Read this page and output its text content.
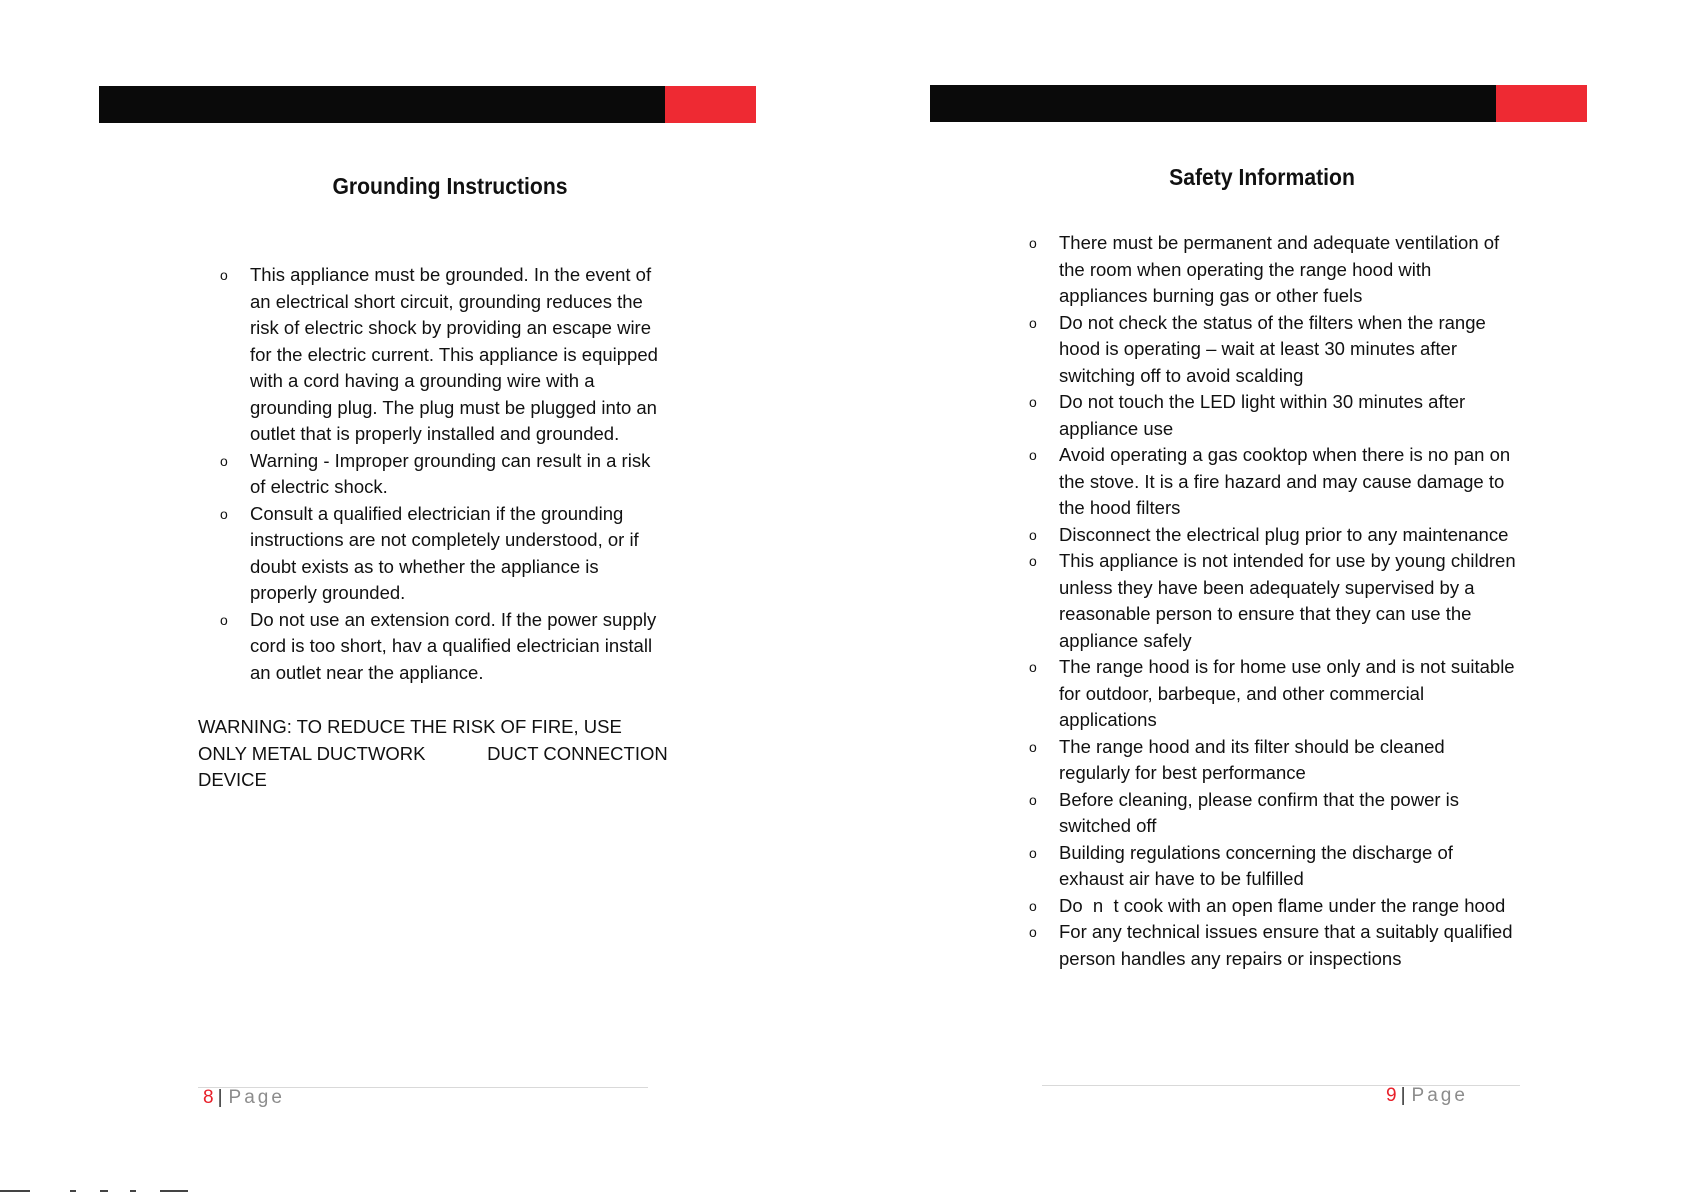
Grounding Instructions
o This appliance must be grounded. In the event of an electrical short circuit, grounding reduces the risk of electric shock by providing an escape wire for the electric current. This appliance is equipped with a cord having a grounding wire with a grounding plug. The plug must be plugged into an outlet that is properly installed and grounded.
o Warning - Improper grounding can result in a risk of electric shock.
o Consult a qualified electrician if the grounding instructions are not completely understood, or if doubt exists as to whether the appliance is properly grounded.
o Do not use an extension cord. If the power supply cord is too short, hav a qualified electrician install an outlet near the appliance.
WARNING: TO REDUCE THE RISK OF FIRE, USE
ONLY METAL DUCTWORK            DUCT CONNECTION
DEVICE
8 | Page
Safety Information
o There must be permanent and adequate ventilation of the room when operating the range hood with appliances burning gas or other fuels
o Do not check the status of the filters when the range hood is operating – wait at least 30 minutes after switching off to avoid scalding
o Do not touch the LED light within 30 minutes after appliance use
o Avoid operating a gas cooktop when there is no pan on the stove. It is a fire hazard and may cause damage to the hood filters
o Disconnect the electrical plug prior to any maintenance
o This appliance is not intended for use by young children unless they have been adequately supervised by a reasonable person to ensure that they can use the appliance safely
o The range hood is for home use only and is not suitable for outdoor, barbeque, and other commercial applications
o The range hood and its filter should be cleaned regularly for best performance
o Before cleaning, please confirm that the power is switched off
o Building regulations concerning the discharge of exhaust air have to be fulfilled
o Do  n  t cook with an open flame under the range hood
o For any technical issues ensure that a suitably qualified person handles any repairs or inspections
9 | Page
